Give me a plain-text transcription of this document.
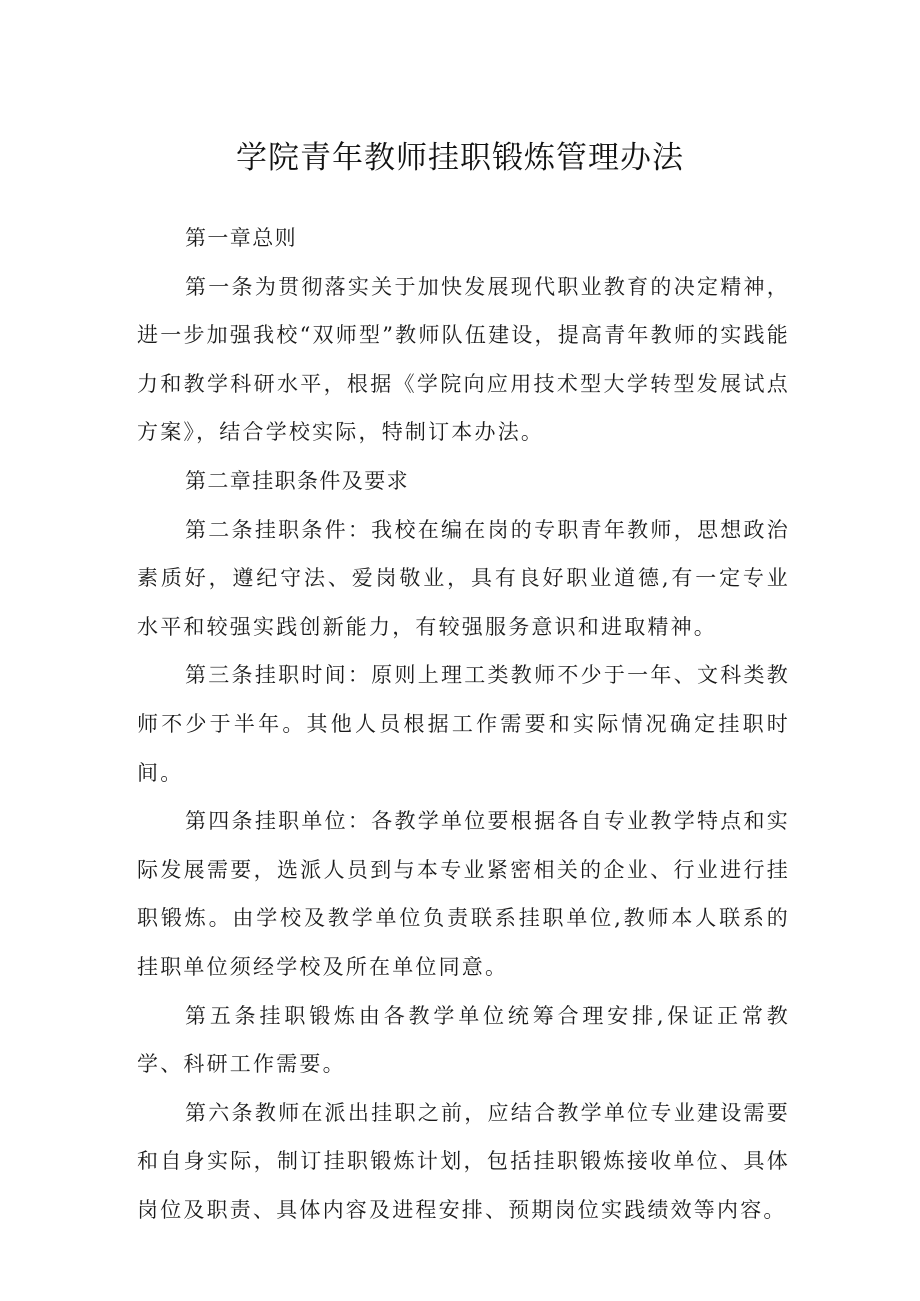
学院青年教师挂职锻炼管理办法

第一章总则

第一条为贯彻落实关于加快发展现代职业教育的决定精神，进一步加强我校“双师型”教师队伍建设，提高青年教师的实践能力和教学科研水平，根据《学院向应用技术型大学转型发展试点方案》，结合学校实际，特制订本办法。

第二章挂职条件及要求

第二条挂职条件：我校在编在岗的专职青年教师，思想政治素质好，遵纪守法、爱岗敬业，具有良好职业道德,有一定专业水平和较强实践创新能力，有较强服务意识和进取精神。

第三条挂职时间：原则上理工类教师不少于一年、文科类教师不少于半年。其他人员根据工作需要和实际情况确定挂职时间。

第四条挂职单位：各教学单位要根据各自专业教学特点和实际发展需要，选派人员到与本专业紧密相关的企业、行业进行挂职锻炼。由学校及教学单位负责联系挂职单位,教师本人联系的挂职单位须经学校及所在单位同意。

第五条挂职锻炼由各教学单位统筹合理安排,保证正常教学、科研工作需要。

第六条教师在派出挂职之前，应结合教学单位专业建设需要和自身实际，制订挂职锻炼计划，包括挂职锻炼接收单位、具体岗位及职责、具体内容及进程安排、预期岗位实践绩效等内容。
